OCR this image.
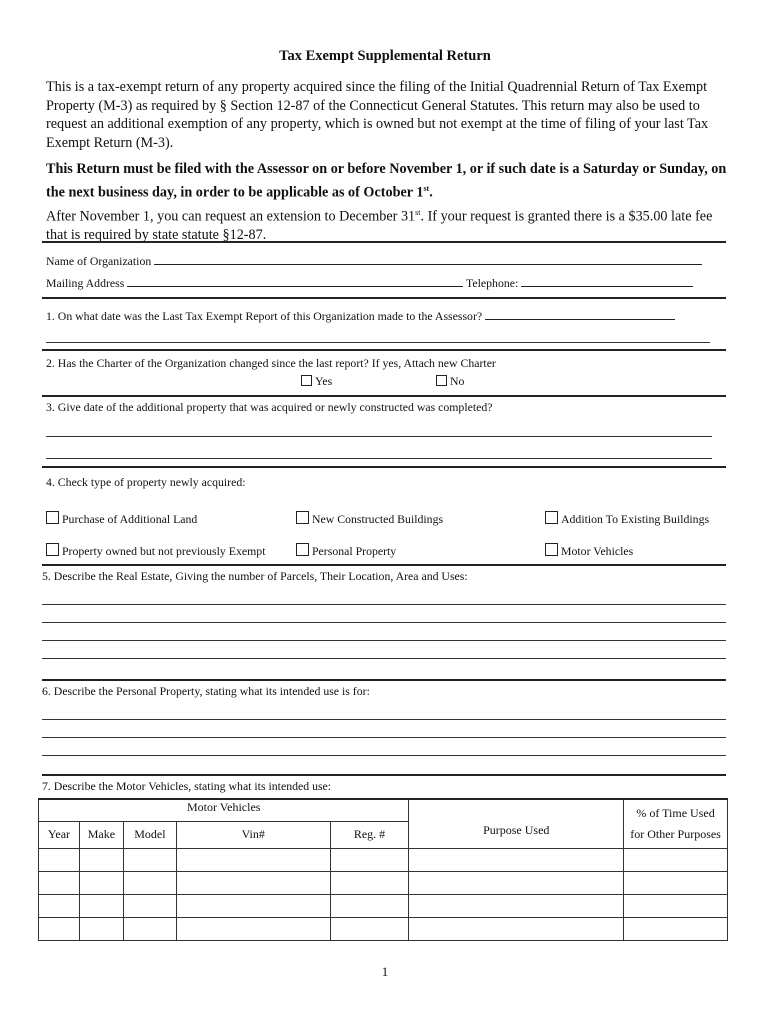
Tax Exempt Supplemental Return
This is a tax-exempt return of any property acquired since the filing of the Initial Quadrennial Return of Tax Exempt Property (M-3) as required by § Section 12-87 of the Connecticut General Statutes. This return may also be used to request an additional exemption of any property, which is owned but not exempt at the time of filing of your last Tax Exempt Return (M-3).
This Return must be filed with the Assessor on or before November 1, or if such date is a Saturday or Sunday, on the next business day, in order to be applicable as of October 1st.
After November 1, you can request an extension to December 31st. If your request is granted there is a $35.00 late fee that is required by state statute §12-87.
Name of Organization
Mailing Address	Telephone:
1. On what date was the Last Tax Exempt Report of this Organization made to the Assessor?
2. Has the Charter of the Organization changed since the last report? If yes, Attach new Charter
Yes	No
3. Give date of the additional property that was acquired or newly constructed was completed?
4. Check type of property newly acquired:
Purchase of Additional Land	New Constructed Buildings	Addition To Existing Buildings
Property owned but not previously Exempt	Personal Property	Motor Vehicles
5. Describe the Real Estate, Giving the number of Parcels, Their Location, Area and Uses:
6. Describe the Personal Property, stating what its intended use is for:
7. Describe the Motor Vehicles, stating what its intended use:
Motor Vehicles					Purpose Used	% of Time Used
Year	Make	Model	Vin#	Reg. #		for Other Purposes

1
